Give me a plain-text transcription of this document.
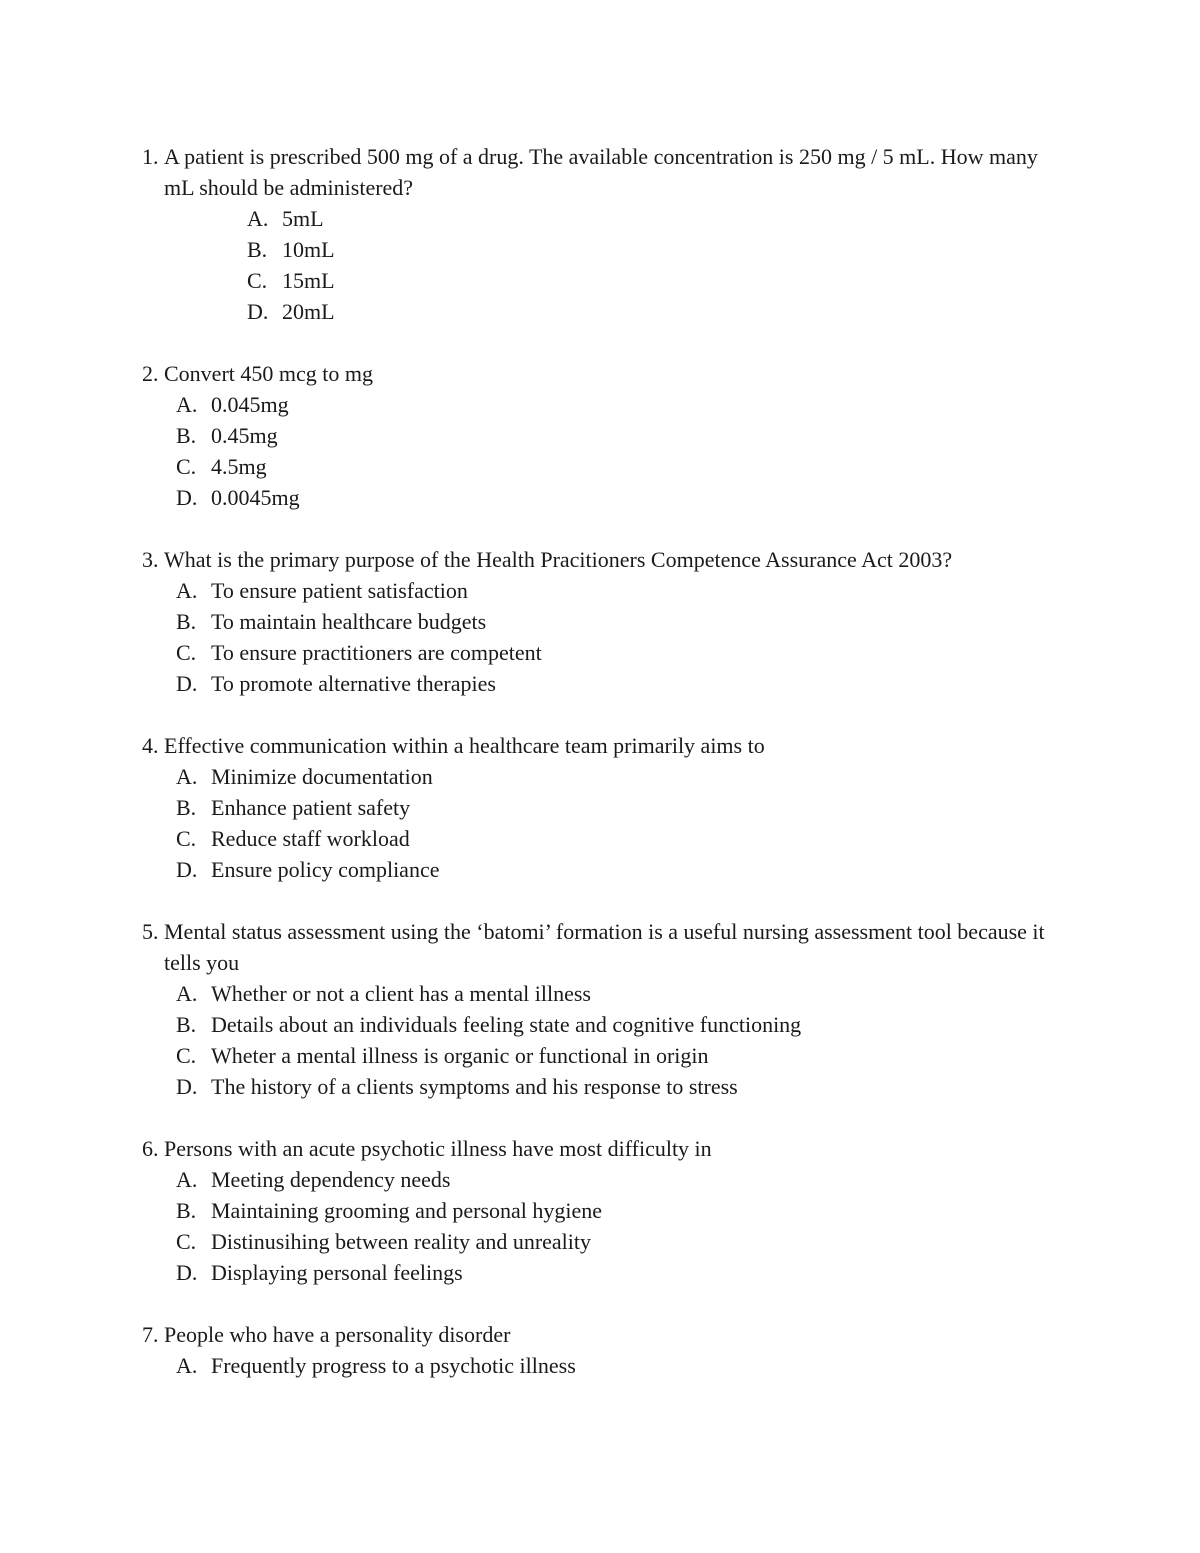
1. A patient is prescribed 500 mg of a drug. The available concentration is 250 mg / 5 mL. How many mL should be administered?

A. 5mL
B. 10mL
C. 15mL
D. 20mL

2. Convert 450 mcg to mg

A. 0.045mg
B. 0.45mg
C. 4.5mg
D. 0.0045mg

3. What is the primary purpose of the Health Pracitioners Competence Assurance Act 2003?

A. To ensure patient satisfaction
B. To maintain healthcare budgets
C. To ensure practitioners are competent
D. To promote alternative therapies

4. Effective communication within a healthcare team primarily aims to

A. Minimize documentation
B. Enhance patient safety
C. Reduce staff workload
D. Ensure policy compliance

5. Mental status assessment using the ‘batomi’ formation is a useful nursing assessment tool because it tells you

A. Whether or not a client has a mental illness
B. Details about an individuals feeling state and cognitive functioning
C. Wheter a mental illness is organic or functional in origin
D. The history of a clients symptoms and his response to stress

6. Persons with an acute psychotic illness have most difficulty in

A. Meeting dependency needs
B. Maintaining grooming and personal hygiene
C. Distinusihing between reality and unreality
D. Displaying personal feelings

7. People who have a personality disorder

A. Frequently progress to a psychotic illness
